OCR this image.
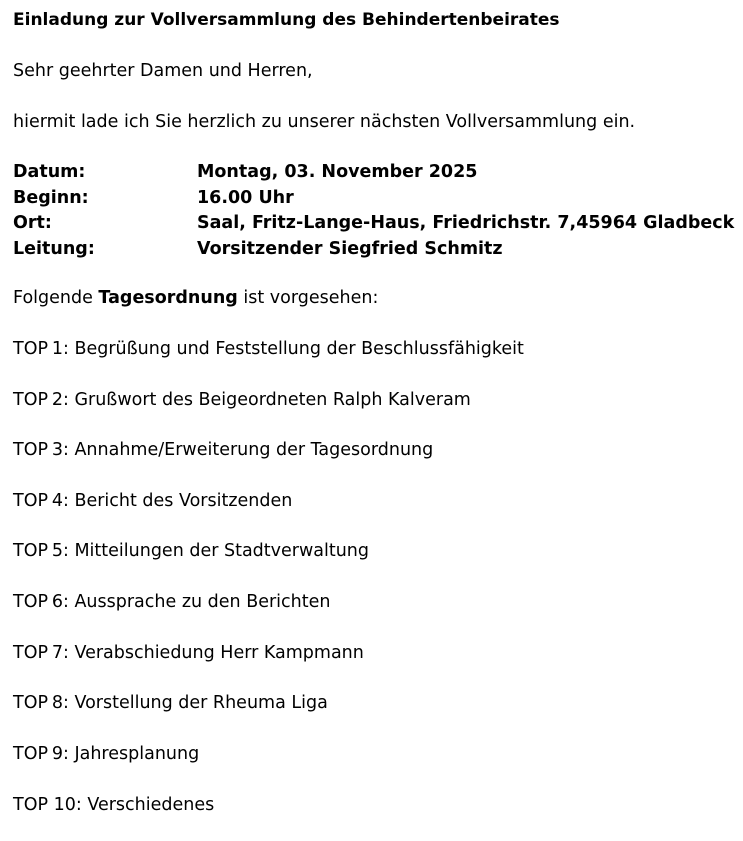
Einladung zur Vollversammlung des Behindertenbeirates
Sehr geehrter Damen und Herren,
hiermit lade ich Sie herzlich zu unserer nächsten Vollversammlung ein.
Datum:	Montag, 03. November 2025
Beginn:	16.00 Uhr
Ort:	Saal, Fritz-Lange-Haus, Friedrichstr. 7,45964 Gladbeck
Leitung:	Vorsitzender Siegfried Schmitz
Folgende Tagesordnung ist vorgesehen:
TOP 1 : Begrüßung und Feststellung der Beschlussfähigkeit
TOP 2 : Grußwort des Beigeordneten Ralph Kalveram
TOP 3 : Annahme/Erweiterung der Tagesordnung
TOP 4 : Bericht des Vorsitzenden
TOP 5 : Mitteilungen der Stadtverwaltung
TOP 6 : Aussprache zu den Berichten
TOP 7 : Verabschiedung Herr Kampmann
TOP 8 : Vorstellung der Rheuma Liga
TOP 9 : Jahresplanung
TOP
10 : Verschiedenes
